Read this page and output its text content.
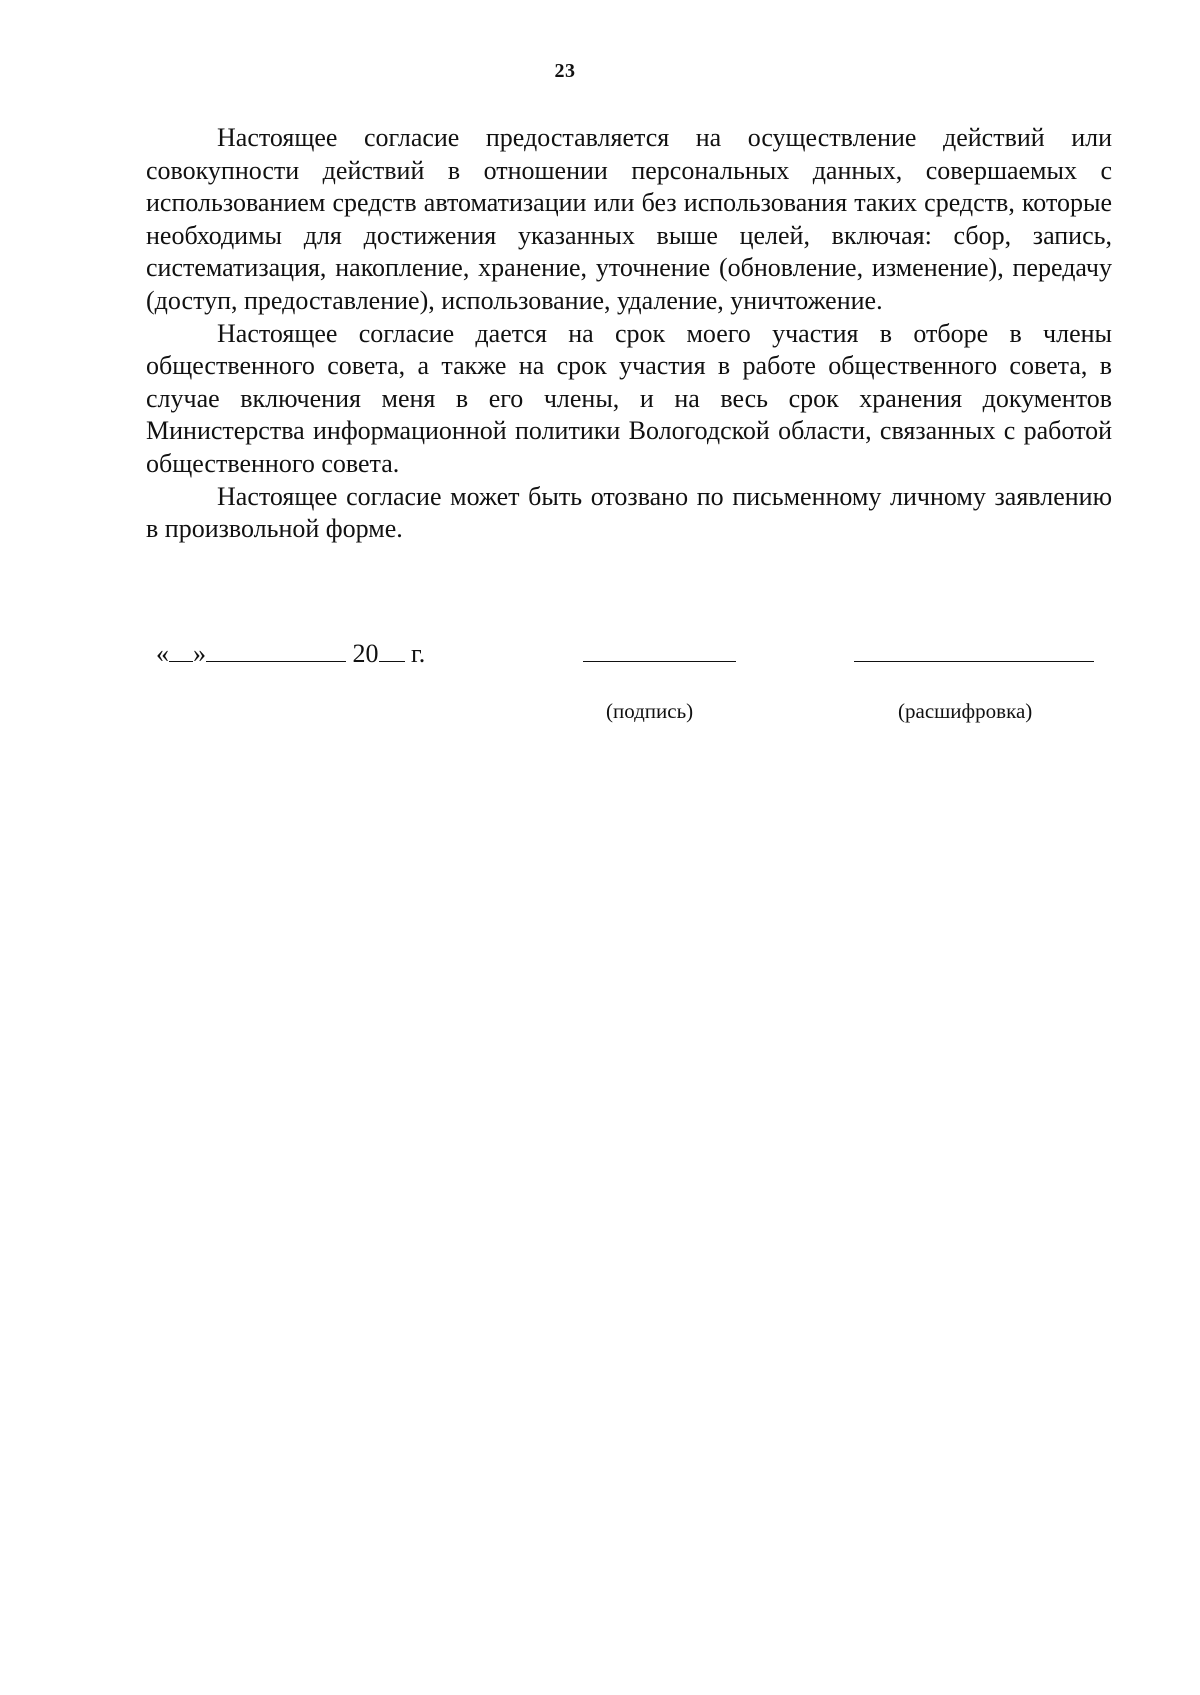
23

Настоящее согласие предоставляется на осуществление действий или совокупности действий в отношении персональных данных, совершаемых с использованием средств автоматизации или без использования таких средств, которые необходимы для достижения указанных выше целей, включая: сбор, запись, систематизация, накопление, хранение, уточнение (обновление, изменение), передачу (доступ, предоставление), использование, удаление, уничтожение.

Настоящее согласие дается на срок моего участия в отборе в члены общественного совета, а также на срок участия в работе общественного совета, в случае включения меня в его члены, и на весь срок хранения документов Министерства информационной политики Вологодской области, связанных с работой общественного совета.

Настоящее согласие может быть отозвано по письменному личному заявлению в произвольной форме.

« »	20 г.
(подпись)	(расшифровка)
